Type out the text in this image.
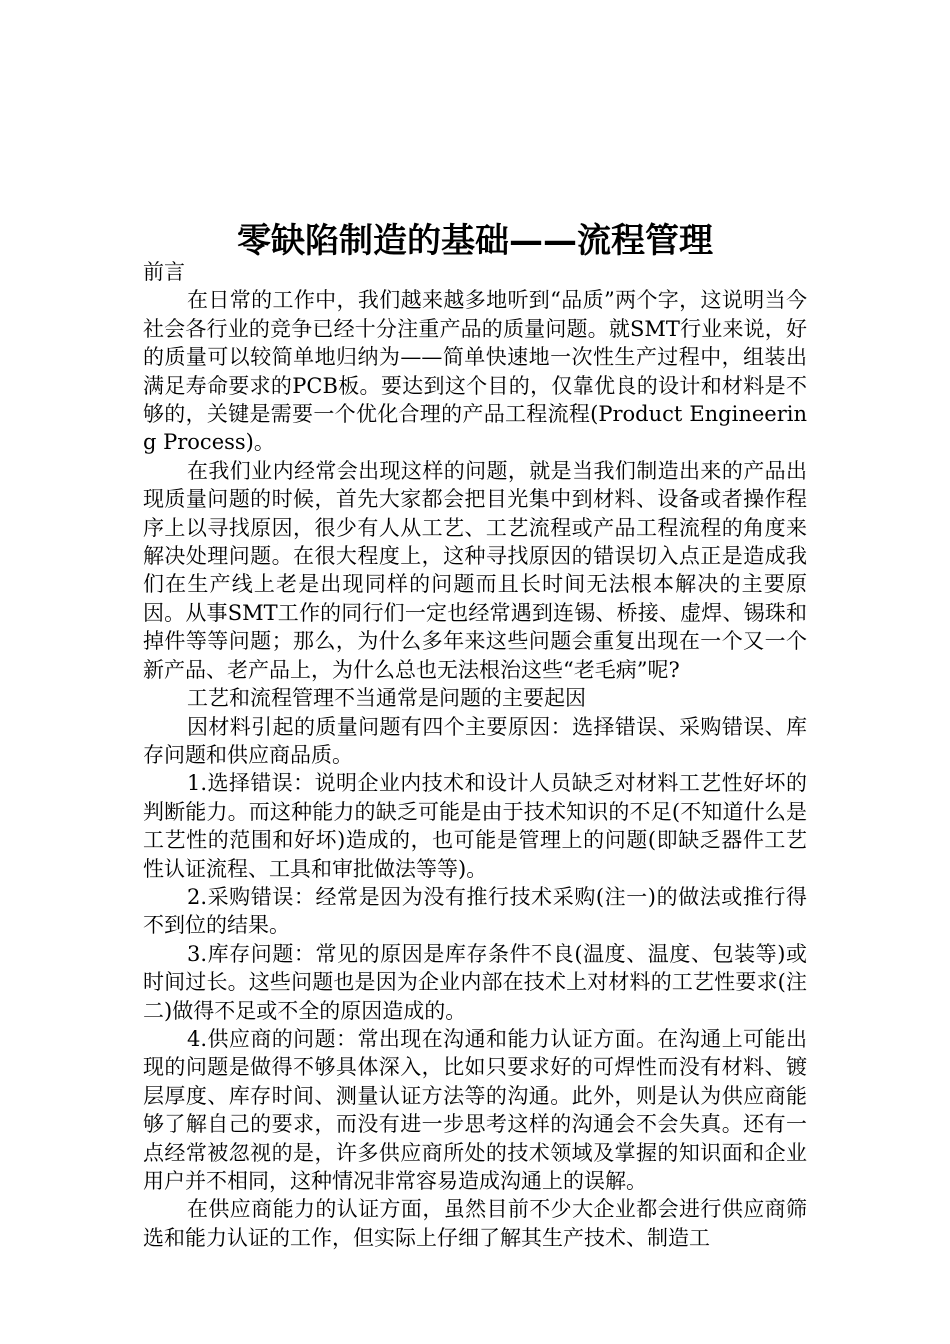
零缺陷制造的基础——流程管理

前言

在日常的工作中，我们越来越多地听到“品质”两个字，这说明当今社会各行业的竞争已经十分注重产品的质量问题。就SMT行业来说，好的质量可以较简单地归纳为——简单快速地一次性生产过程中，组装出满足寿命要求的PCB板。要达到这个目的，仅靠优良的设计和材料是不够的，关键是需要一个优化合理的产品工程流程(Product Engineering Process)。

在我们业内经常会出现这样的问题，就是当我们制造出来的产品出现质量问题的时候，首先大家都会把目光集中到材料、设备或者操作程序上以寻找原因，很少有人从工艺、工艺流程或产品工程流程的角度来解决处理问题。在很大程度上，这种寻找原因的错误切入点正是造成我们在生产线上老是出现同样的问题而且长时间无法根本解决的主要原因。从事SMT工作的同行们一定也经常遇到连锡、桥接、虚焊、锡珠和掉件等等问题；那么，为什么多年来这些问题会重复出现在一个又一个新产品、老产品上，为什么总也无法根治这些“老毛病”呢?

工艺和流程管理不当通常是问题的主要起因

因材料引起的质量问题有四个主要原因：选择错误、采购错误、库存问题和供应商品质。

1.选择错误：说明企业内技术和设计人员缺乏对材料工艺性好坏的判断能力。而这种能力的缺乏可能是由于技术知识的不足(不知道什么是工艺性的范围和好坏)造成的，也可能是管理上的问题(即缺乏器件工艺性认证流程、工具和审批做法等等)。

2.采购错误：经常是因为没有推行技术采购(注一)的做法或推行得不到位的结果。

3.库存问题：常见的原因是库存条件不良(温度、温度、包装等)或时间过长。这些问题也是因为企业内部在技术上对材料的工艺性要求(注二)做得不足或不全的原因造成的。

4.供应商的问题：常出现在沟通和能力认证方面。在沟通上可能出现的问题是做得不够具体深入，比如只要求好的可焊性而没有材料、镀层厚度、库存时间、测量认证方法等的沟通。此外，则是认为供应商能够了解自己的要求，而没有进一步思考这样的沟通会不会失真。还有一点经常被忽视的是，许多供应商所处的技术领域及掌握的知识面和企业用户并不相同，这种情况非常容易造成沟通上的误解。

在供应商能力的认证方面，虽然目前不少大企业都会进行供应商筛选和能力认证的工作，但实际上仔细了解其生产技术、制造工
